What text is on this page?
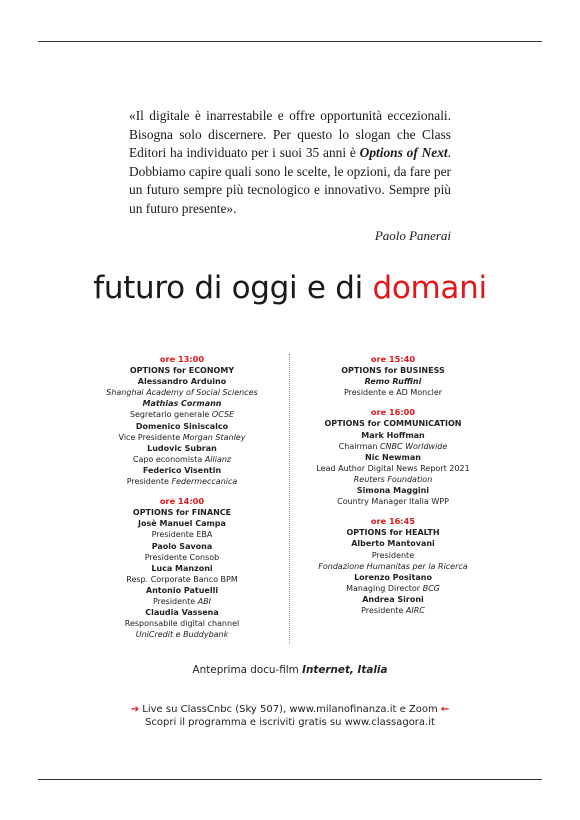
«Il digitale è inarrestabile e offre opportunità eccezionali. Bisogna solo discernere. Per questo lo slogan che Class Editori ha individuato per i suoi 35 anni è Options of Next. Dobbiamo capire quali sono le scelte, le opzioni, da fare per un futuro sempre più tecnologico e innovativo. Sempre più un futuro presente».
Paolo Panerai
futuro di oggi e di domani
ore 13:00
OPTIONS for ECONOMY
Alessandro Arduino
Shanghai Academy of Social Sciences
Mathias Cormann
Segretario generale OCSE
Domenico Siniscalco
Vice Presidente Morgan Stanley
Ludovic Subran
Capo economista Allianz
Federico Visentin
Presidente Federmeccanica
ore 14:00
OPTIONS for FINANCE
Josè Manuel Campa
Presidente EBA
Paolo Savona
Presidente Consob
Luca Manzoni
Resp. Corporate Banco BPM
Antonio Patuelli
Presidente ABI
Claudia Vassena
Responsabile digital channel
UniCredit e Buddybank
ore 15:40
OPTIONS for BUSINESS
Remo Ruffini
Presidente e AD Moncler
ore 16:00
OPTIONS for COMMUNICATION
Mark Hoffman
Chairman CNBC Worldwide
Nic Newman
Lead Author Digital News Report 2021
Reuters Foundation
Simona Maggini
Country Manager Italia WPP
ore 16:45
OPTIONS for HEALTH
Alberto Mantovani
Presidente
Fondazione Humanitas per la Ricerca
Lorenzo Positano
Managing Director BCG
Andrea Sironi
Presidente AIRC
Anteprima docu-film Internet, Italia
➔ Live su ClassCnbc (Sky 507), www.milanofinanza.it e Zoom ←
Scopri il programma e iscriviti gratis su www.classagora.it
